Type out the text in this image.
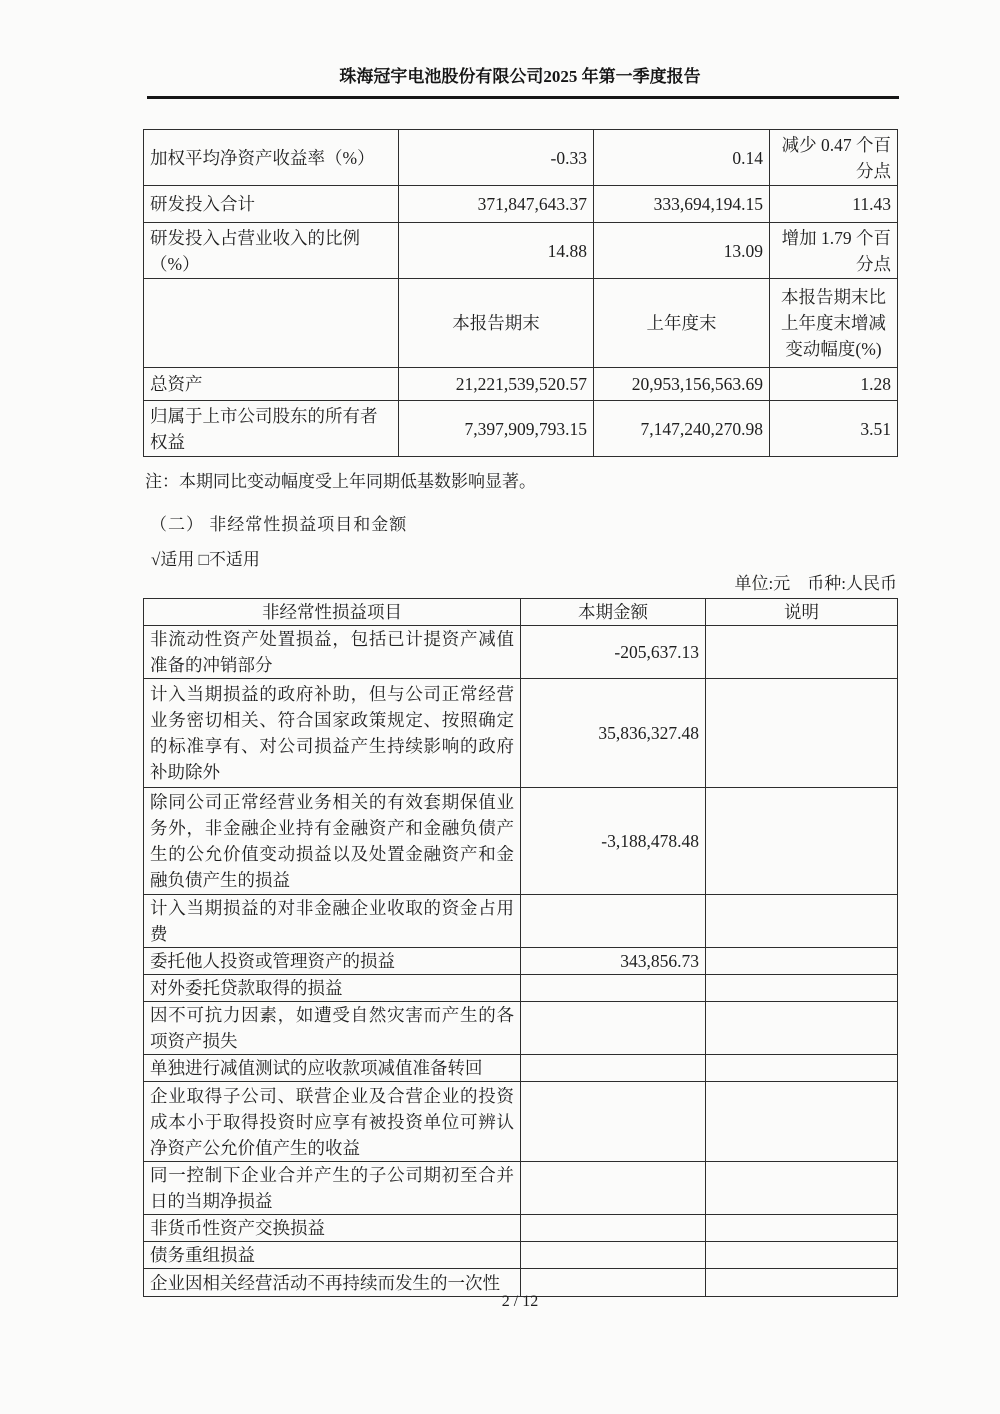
珠海冠宇电池股份有限公司2025 年第一季度报告
加权平均净资产收益率（%）	-0.33	0.14	减少 0.47 个百分点
研发投入合计	371,847,643.37	333,694,194.15	11.43
研发投入占营业收入的比例（%）	14.88	13.09	增加 1.79 个百分点
	本报告期末	上年度末	本报告期末比上年度末增减变动幅度(%)
总资产	21,221,539,520.57	20,953,156,563.69	1.28
归属于上市公司股东的所有者权益	7,397,909,793.15	7,147,240,270.98	3.51
注：本期同比变动幅度受上年同期低基数影响显著。
（二） 非经常性损益项目和金额
√适用 □不适用
单位:元　币种:人民币
非经常性损益项目	本期金额	说明
非流动性资产处置损益，包括已计提资产减值准备的冲销部分	-205,637.13	
计入当期损益的政府补助，但与公司正常经营业务密切相关、符合国家政策规定、按照确定的标准享有、对公司损益产生持续影响的政府补助除外	35,836,327.48	
除同公司正常经营业务相关的有效套期保值业务外，非金融企业持有金融资产和金融负债产生的公允价值变动损益以及处置金融资产和金融负债产生的损益	-3,188,478.48	
计入当期损益的对非金融企业收取的资金占用费		
委托他人投资或管理资产的损益	343,856.73	
对外委托贷款取得的损益		
因不可抗力因素，如遭受自然灾害而产生的各项资产损失		
单独进行减值测试的应收款项减值准备转回		
企业取得子公司、联营企业及合营企业的投资成本小于取得投资时应享有被投资单位可辨认净资产公允价值产生的收益		
同一控制下企业合并产生的子公司期初至合并日的当期净损益		
非货币性资产交换损益		
债务重组损益		
企业因相关经营活动不再持续而发生的一次性		
2 / 12
